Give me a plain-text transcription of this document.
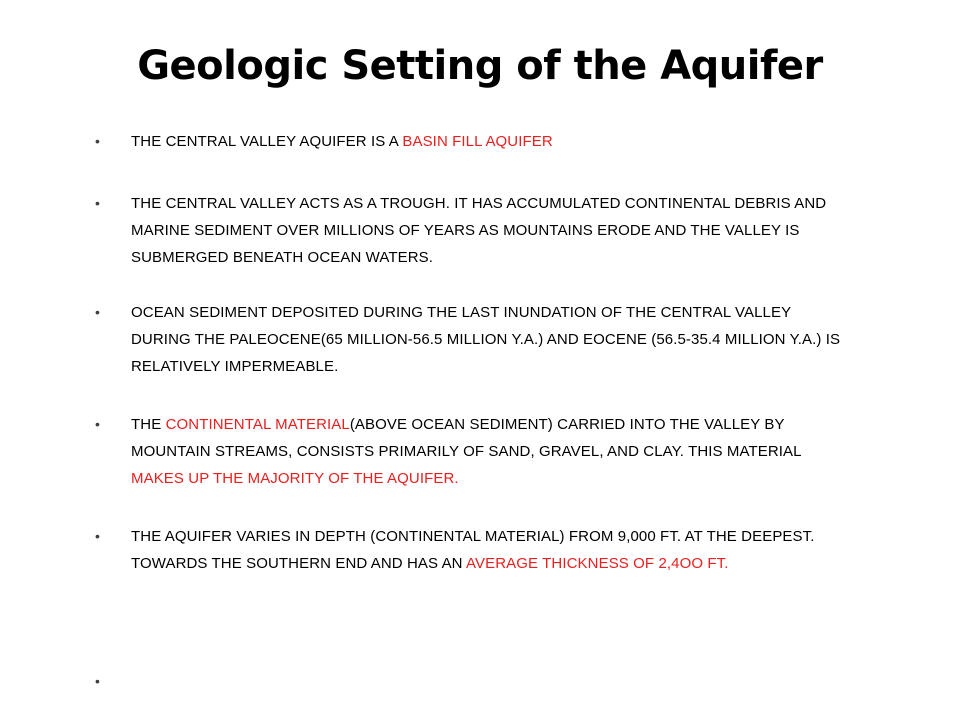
Geologic Setting of the Aquifer
• THE CENTRAL VALLEY AQUIFER IS A BASIN FILL AQUIFER
• THE CENTRAL VALLEY ACTS AS A TROUGH. IT HAS ACCUMULATED CONTINENTAL DEBRIS AND MARINE SEDIMENT OVER MILLIONS OF YEARS AS MOUNTAINS ERODE AND THE VALLEY IS SUBMERGED BENEATH OCEAN WATERS.
• OCEAN SEDIMENT DEPOSITED DURING THE LAST INUNDATION OF THE CENTRAL VALLEY DURING THE PALEOCENE(65 MILLION-56.5 MILLION Y.A.) AND EOCENE (56.5-35.4 MILLION Y.A.) IS RELATIVELY IMPERMEABLE.
• THE CONTINENTAL MATERIAL(ABOVE OCEAN SEDIMENT) CARRIED INTO THE VALLEY BY MOUNTAIN STREAMS, CONSISTS PRIMARILY OF SAND, GRAVEL, AND CLAY. THIS MATERIAL MAKES UP THE MAJORITY OF THE AQUIFER.
• THE AQUIFER VARIES IN DEPTH (CONTINENTAL MATERIAL) FROM 9,000 FT. AT THE DEEPEST. TOWARDS THE SOUTHERN END AND HAS AN AVERAGE THICKNESS OF 2,4OO FT.
•
